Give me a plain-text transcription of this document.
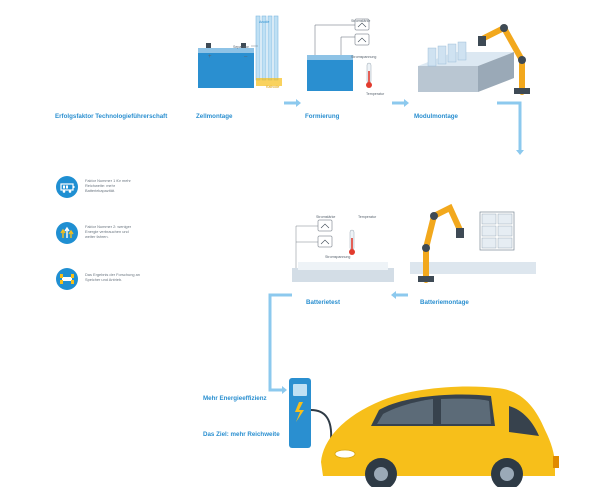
Erfolgsfaktor Technologieführerschaft
Faktor Nummer 1 für mehr Reichweite: mehr Batteriekapazität.
Faktor Nummer 2: weniger Energie verbrauchen und weiter fahren.
Das Ergebnis der Forschung an Speicher und Antrieb.
Anode
Separator
Kathode
+	–
Zellmontage
Stromstärke
Stromspannung
Temperatur
Formierung	Modulmontage
Batteriemontage
Stromstärke	Temperatur
Stromspannung
Batterietest
Mehr Energieeffizienz
Das Ziel: mehr Reichweite
